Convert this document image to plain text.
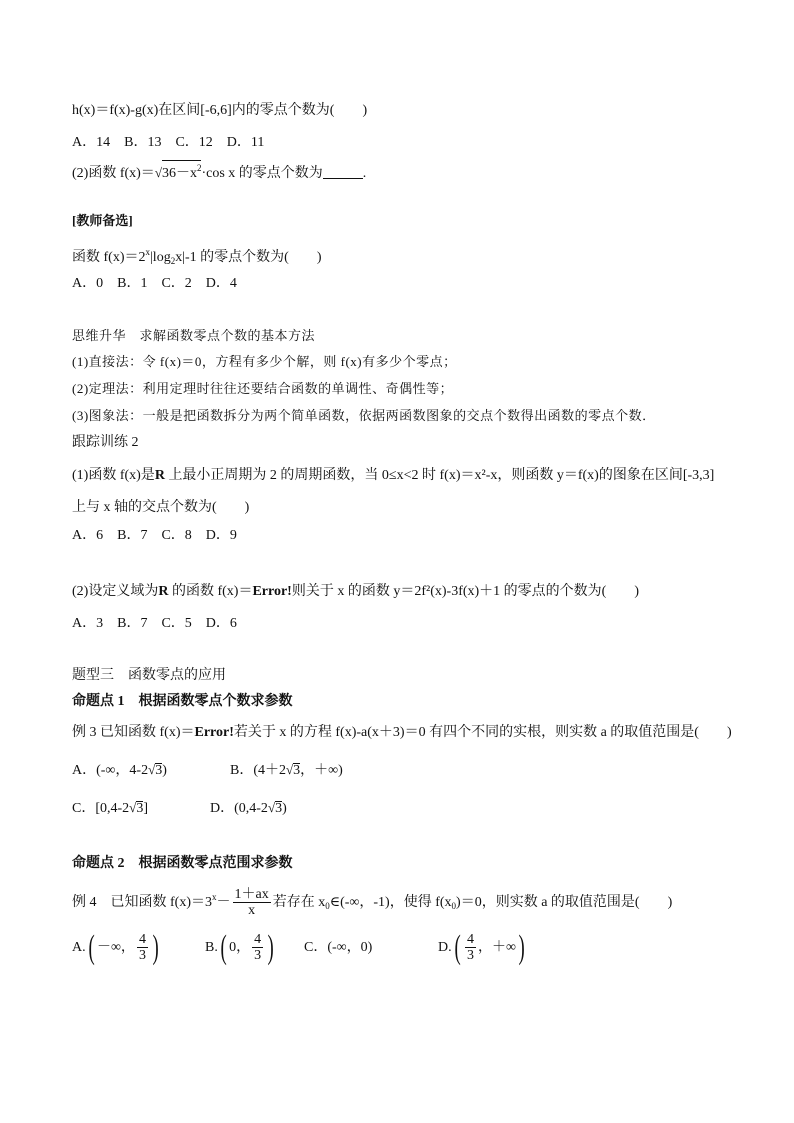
h(x)＝f(x)-g(x)在区间[-6,6]内的零点个数为(　　)
A．14　B．13　C．12　D．11
(2)函数 $f(x)=√36-x^2\cdot\cos$ x 的零点个数为	.
[教师备选]
函数 $f(x)=2^x|\log_2x|-1$ 的零点个数为(　　)
A．0　B．1　C．2　D．4
思维升华　求解函数零点个数的基本方法
(1)直接法：令 f(x)＝0，方程有多少个解，则 f(x)有多少个零点；
(2)定理法：利用定理时往往还要结合函数的单调性、奇偶性等；
(3)图象法：一般是把函数拆分为两个简单函数，依据两函数图象的交点个数得出函数的零点个数．
跟踪训练 2
(1)函数 f(x)是R 上最小正周期为 2 的周期函数，当 0≤x<2 时 f(x)＝x²-x，则函数 y＝f(x)的图象在区间[-3,3]
上与 x 轴的交点个数为(　　)
A．6　B．7　C．8　D．9
(2)设定义域为R 的函数 f(x)＝Error!则关于 x 的函数 y＝2f²(x)-3f(x)＋1 的零点的个数为(　　)
A．3　B．7　C．5　D．6
题型三　函数零点的应用
命题点 1　根据函数零点个数求参数
例 3 已知函数 f(x)＝Error!若关于 x 的方程 f(x)-a(x＋3)＝0 有四个不同的实根，则实数 a 的取值范围是(　　)
A．(-∞，4-2√3)	B．(4＋2√3，＋∞)
C．[0,4-2√3]	D．(0,4-2√3)
命题点 2　根据函数零点范围求参数
例 4　已知函数 $f(x)=3^x- \frac{1+ax}{x}$ 若存在 $x_0\in(-\infty$，-1)，使得 $f(x_0)=0$，则实数 a 的取值范围是(　　)
A.( －∞， $\frac{4}{3}$ )	B.( 0， $\frac{4}{3}$ ) C．(-∞，0)	$D.( \frac{4}{3}$ ，＋∞)
